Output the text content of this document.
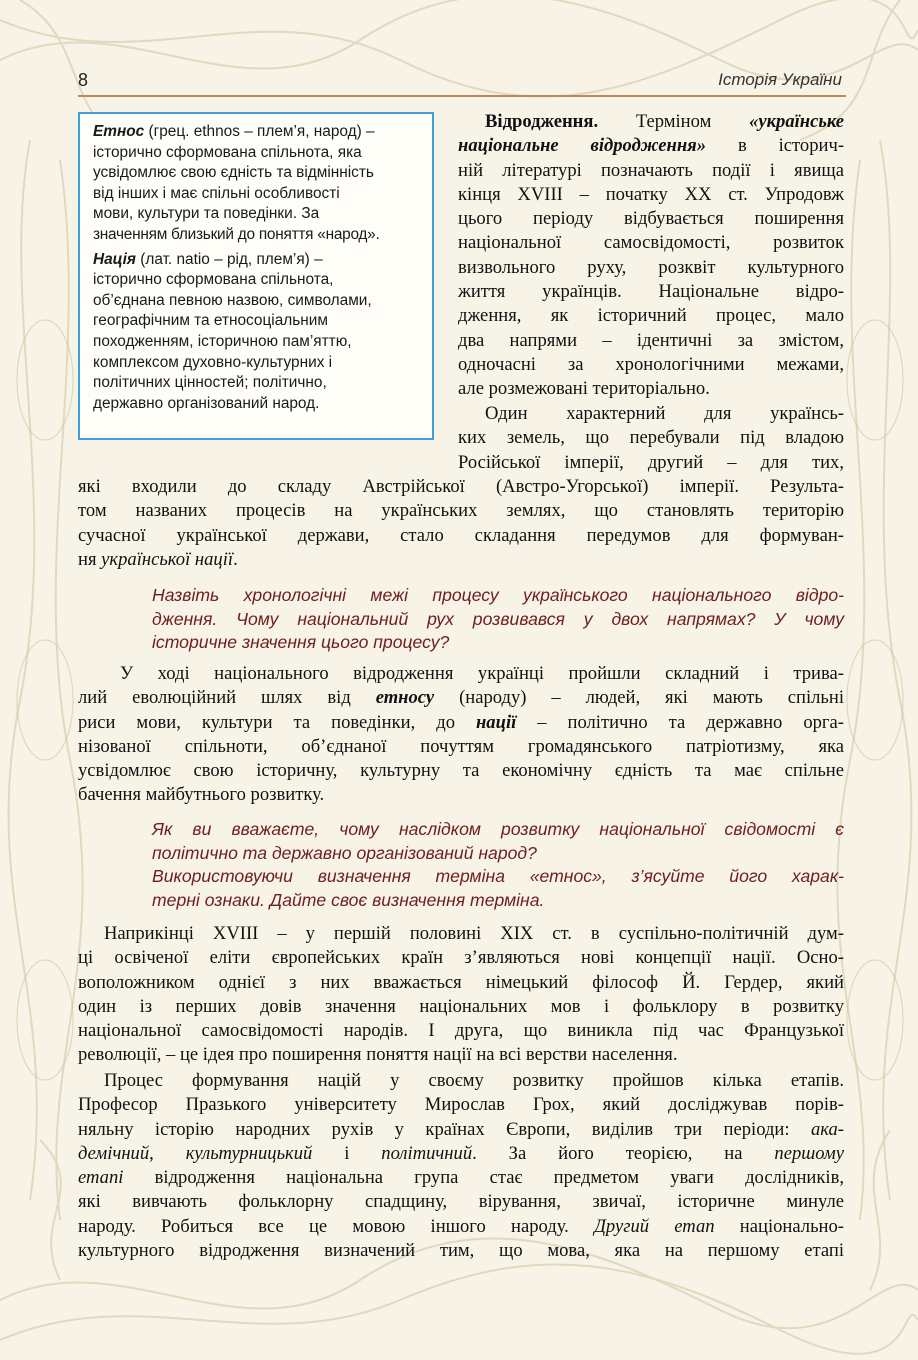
8	Історія України

Етнос (грец. ethnos – плем’я, народ) –
історично сформована спільнота, яка
усвідомлює свою єдність та відмінність
від інших і має спільні особливості
мови, культури та поведінки. За
значенням близький до поняття «народ».

Нація (лат. natio – рід, плем’я) –
історично сформована спільнота,
об’єднана певною назвою, символами,
географічним та етносоціальним
походженням, історичною пам’яттю,
комплексом духовно-культурних і
політичних цінностей; політично,
державно організований народ.

Відродження. Терміном «українське
національне відродження» в історич-
ній літературі позначають події і явища
кінця XVIII – початку XX ст. Упродовж
цього періоду відбувається поширення
національної самосвідомості, розвиток
визвольного руху, розквіт культурного
життя українців. Національне відро-
дження, як історичний процес, мало
два напрями – ідентичні за змістом,
одночасні за хронологічними межами,
але розмежовані територіально.
Один характерний для українсь-
ких земель, що перебували під владою
Російської імперії, другий – для тих,
які входили до складу Австрійської (Австро-Угорської) імперії. Результа-
том названих процесів на українських землях, що становлять територію
сучасної української держави, стало складання передумов для формуван-
ня української нації.
Назвіть хронологічні межі процесу українського національного відро-
дження. Чому національний рух розвивався у двох напрямах? У чому
історичне значення цього процесу?
У ході національного відродження українці пройшли складний і трива-
лий еволюційний шлях від етносу (народу) – людей, які мають спільні
риси мови, культури та поведінки, до нації – політично та державно орга-
нізованої спільноти, об’єднаної почуттям громадянського патріотизму, яка
усвідомлює свою історичну, культурну та економічну єдність та має спільне
бачення майбутнього розвитку.
Як ви вважаєте, чому наслідком розвитку національної свідомості є
політично та державно організований народ?
Використовуючи визначення терміна «етнос», з’ясуйте його харак-
терні ознаки. Дайте своє визначення терміна.
Наприкінці XVIII – у першій половині XIX ст. в суспільно-політичній дум-
ці освіченої еліти європейських країн з’являються нові концепції нації. Осно-
воположником однієї з них вважається німецький філософ Й. Гердер, який
один із перших довів значення національних мов і фольклору в розвитку
національної самосвідомості народів. І друга, що виникла під час Французької
революції, – це ідея про поширення поняття нації на всі верстви населення.
Процес формування націй у своєму розвитку пройшов кілька етапів.
Професор Празького університету Мирослав Грох, який досліджував порів-
няльну історію народних рухів у країнах Європи, виділив три періоди: ака-
демічний, культурницький і політичний. За його теорією, на першому
етапі відродження національна група стає предметом уваги дослідників,
які вивчають фольклорну спадщину, вірування, звичаї, історичне минуле
народу. Робиться все це мовою іншого народу. Другий етап національно-
культурного відродження визначений тим, що мова, яка на першому етапі
